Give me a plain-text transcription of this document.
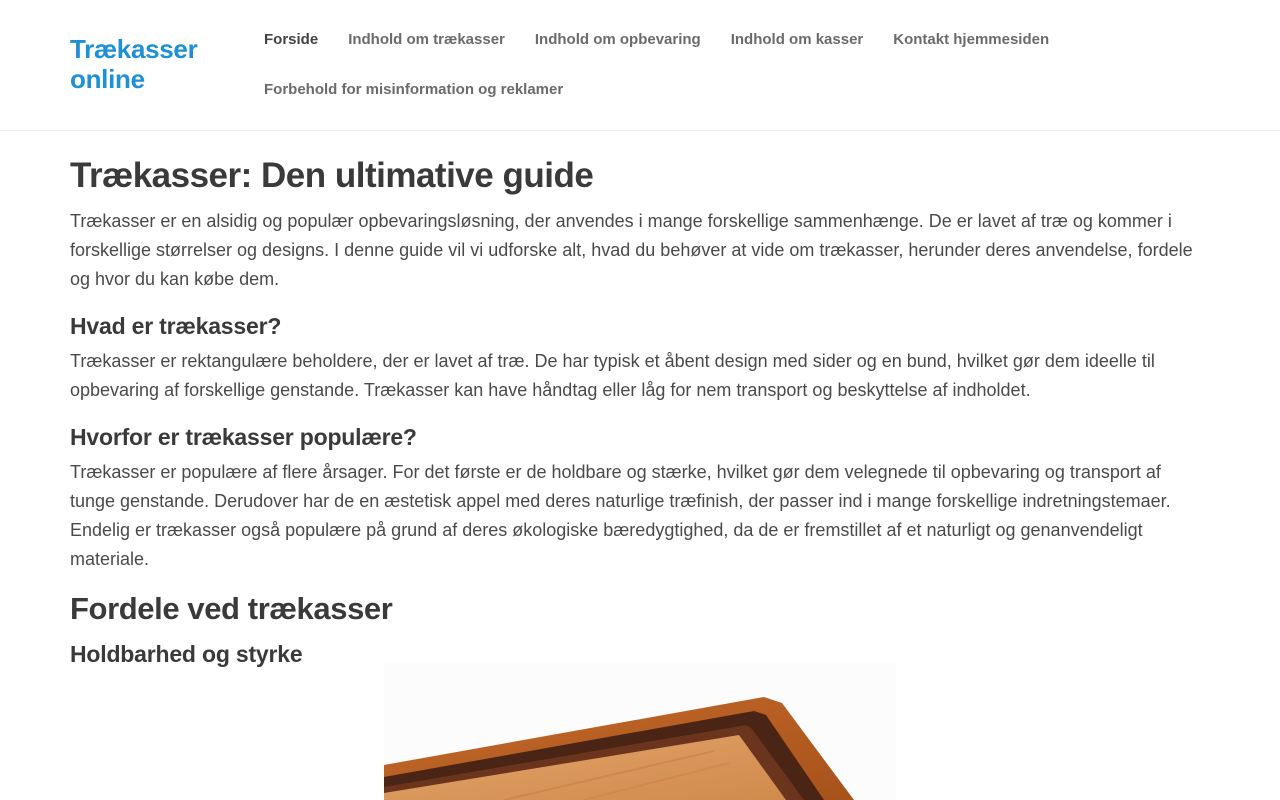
Trækasser online
Forside	Indhold om trækasser	Indhold om opbevaring	Indhold om kasser	Kontakt hjemmesiden
Forbehold for misinformation og reklamer
Trækasser: Den ultimative guide

Trækasser er en alsidig og populær opbevaringsløsning, der anvendes i mange forskellige sammenhænge. De er lavet af træ og kommer i forskellige størrelser og designs. I denne guide vil vi udforske alt, hvad du behøver at vide om trækasser, herunder deres anvendelse, fordele og hvor du kan købe dem.

Hvad er trækasser?

Trækasser er rektangulære beholdere, der er lavet af træ. De har typisk et åbent design med sider og en bund, hvilket gør dem ideelle til opbevaring af forskellige genstande. Trækasser kan have håndtag eller låg for nem transport og beskyttelse af indholdet.

Hvorfor er trækasser populære?

Trækasser er populære af flere årsager. For det første er de holdbare og stærke, hvilket gør dem velegnede til opbevaring og transport af tunge genstande. Derudover har de en æstetisk appel med deres naturlige træfinish, der passer ind i mange forskellige indretningstemaer. Endelig er trækasser også populære på grund af deres økologiske bæredygtighed, da de er fremstillet af et naturligt og genanvendeligt materiale.

Fordele ved trækasser
Holdbarhed og styrke
